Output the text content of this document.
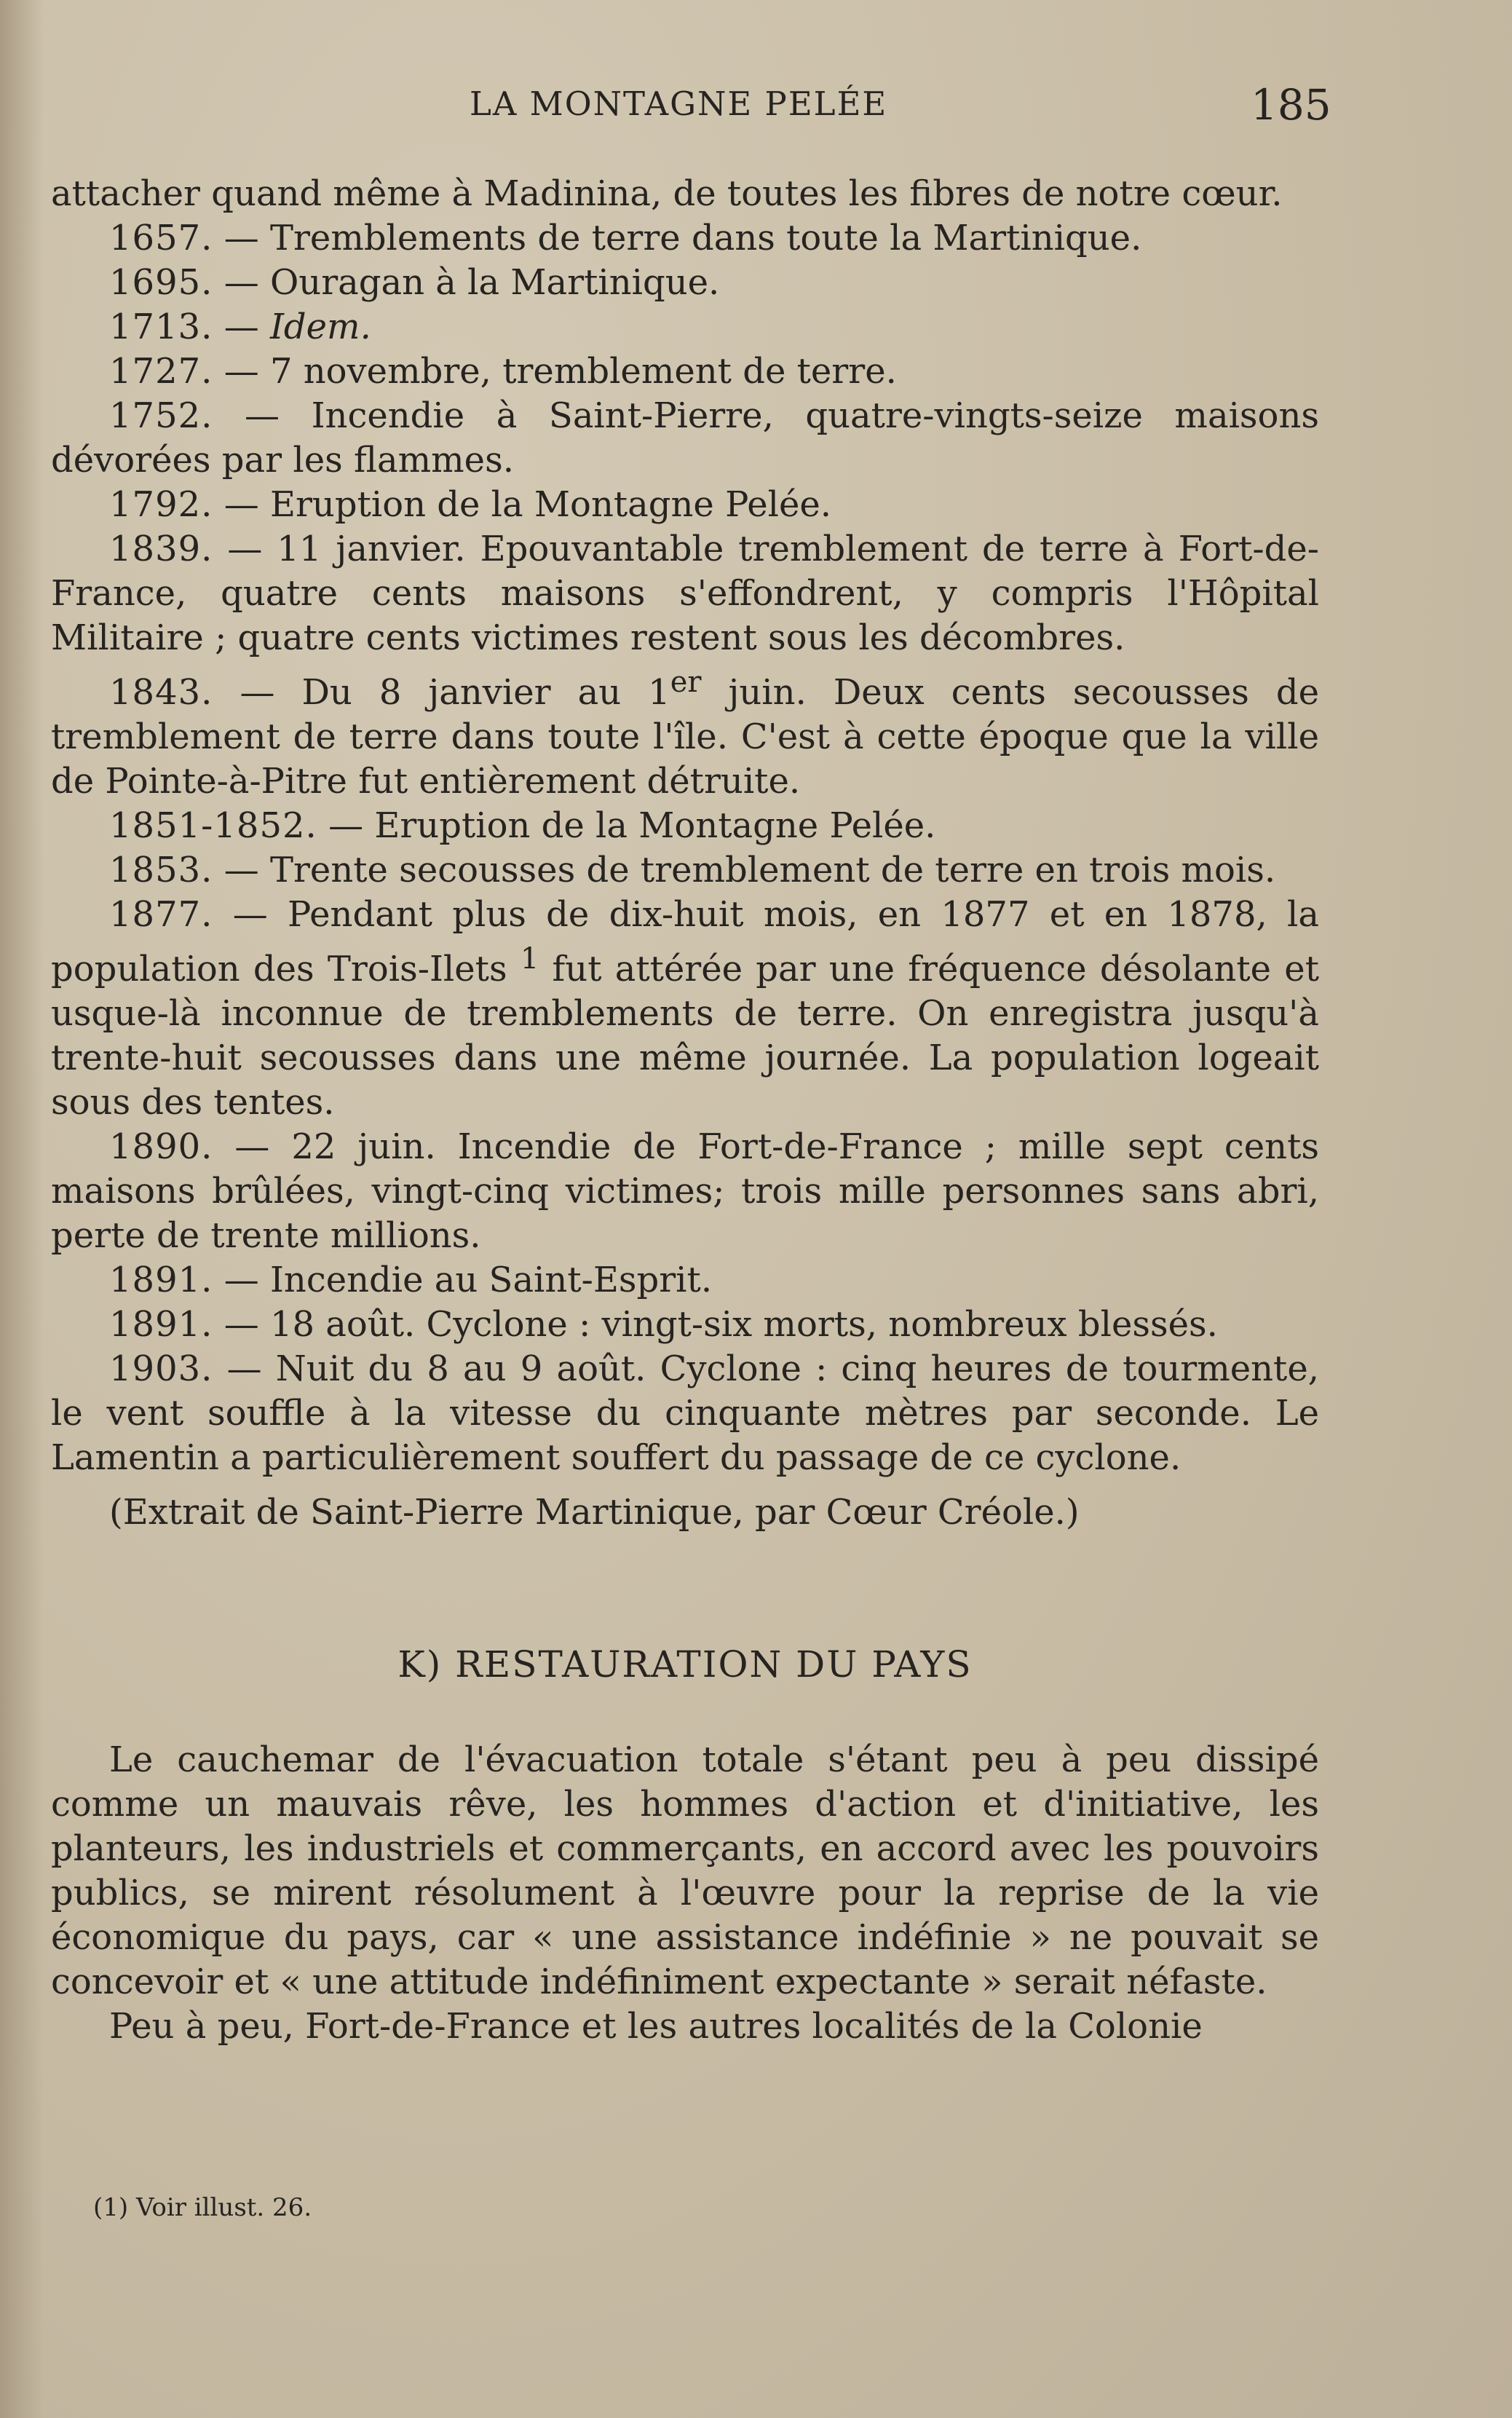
LA MONTAGNE PELÉE	185

attacher quand même à Madinina, de toutes les fibres de notre cœur.

1657. — Tremblements de terre dans toute la Martinique.

1695. — Ouragan à la Martinique.

1713. — Idem.

1727. — 7 novembre, tremblement de terre.

1752. — Incendie à Saint-Pierre, quatre-vingts-seize maisons dévorées par les flammes.

1792. — Eruption de la Montagne Pelée.

1839. — 11 janvier. Epouvantable tremblement de terre à Fort-de-France, quatre cents maisons s'effondrent, y compris l'Hôpital Militaire ; quatre cents victimes restent sous les décombres.

1843. — Du 8 janvier au 1er juin. Deux cents secousses de tremblement de terre dans toute l'île. C'est à cette époque que la ville de Pointe-à-Pitre fut entièrement détruite.

1851-1852. — Eruption de la Montagne Pelée.

1853. — Trente secousses de tremblement de terre en trois mois.

1877. — Pendant plus de dix-huit mois, en 1877 et en 1878, la population des Trois-Ilets $^1$ fut attérée par une fréquence désolante et usque-là inconnue de tremblements de terre. On enregistra jusqu'à trente-huit secousses dans une même journée. La population logeait sous des tentes.

1890. — 22 juin. Incendie de Fort-de-France ; mille sept cents maisons brûlées, vingt-cinq victimes; trois mille personnes sans abri, perte de trente millions.

1891. — Incendie au Saint-Esprit.

1891. — 18 août. Cyclone : vingt-six morts, nombreux blessés.

1903. — Nuit du 8 au 9 août. Cyclone : cinq heures de tourmente, le vent souffle à la vitesse du cinquante mètres par seconde. Le Lamentin a particulièrement souffert du passage de ce cyclone.

(Extrait de Saint-Pierre Martinique, par Cœur Créole.)

K) RESTAURATION DU PAYS

Le cauchemar de l'évacuation totale s'étant peu à peu dissipé comme un mauvais rêve, les hommes d'action et d'initiative, les planteurs, les industriels et commerçants, en accord avec les pouvoirs publics, se mirent résolument à l'œuvre pour la reprise de la vie économique du pays, car « une assistance indéfinie » ne pouvait se concevoir et « une attitude indéfiniment expectante » serait néfaste.

Peu à peu, Fort-de-France et les autres localités de la Colonie

(1) Voir illust. 26.
